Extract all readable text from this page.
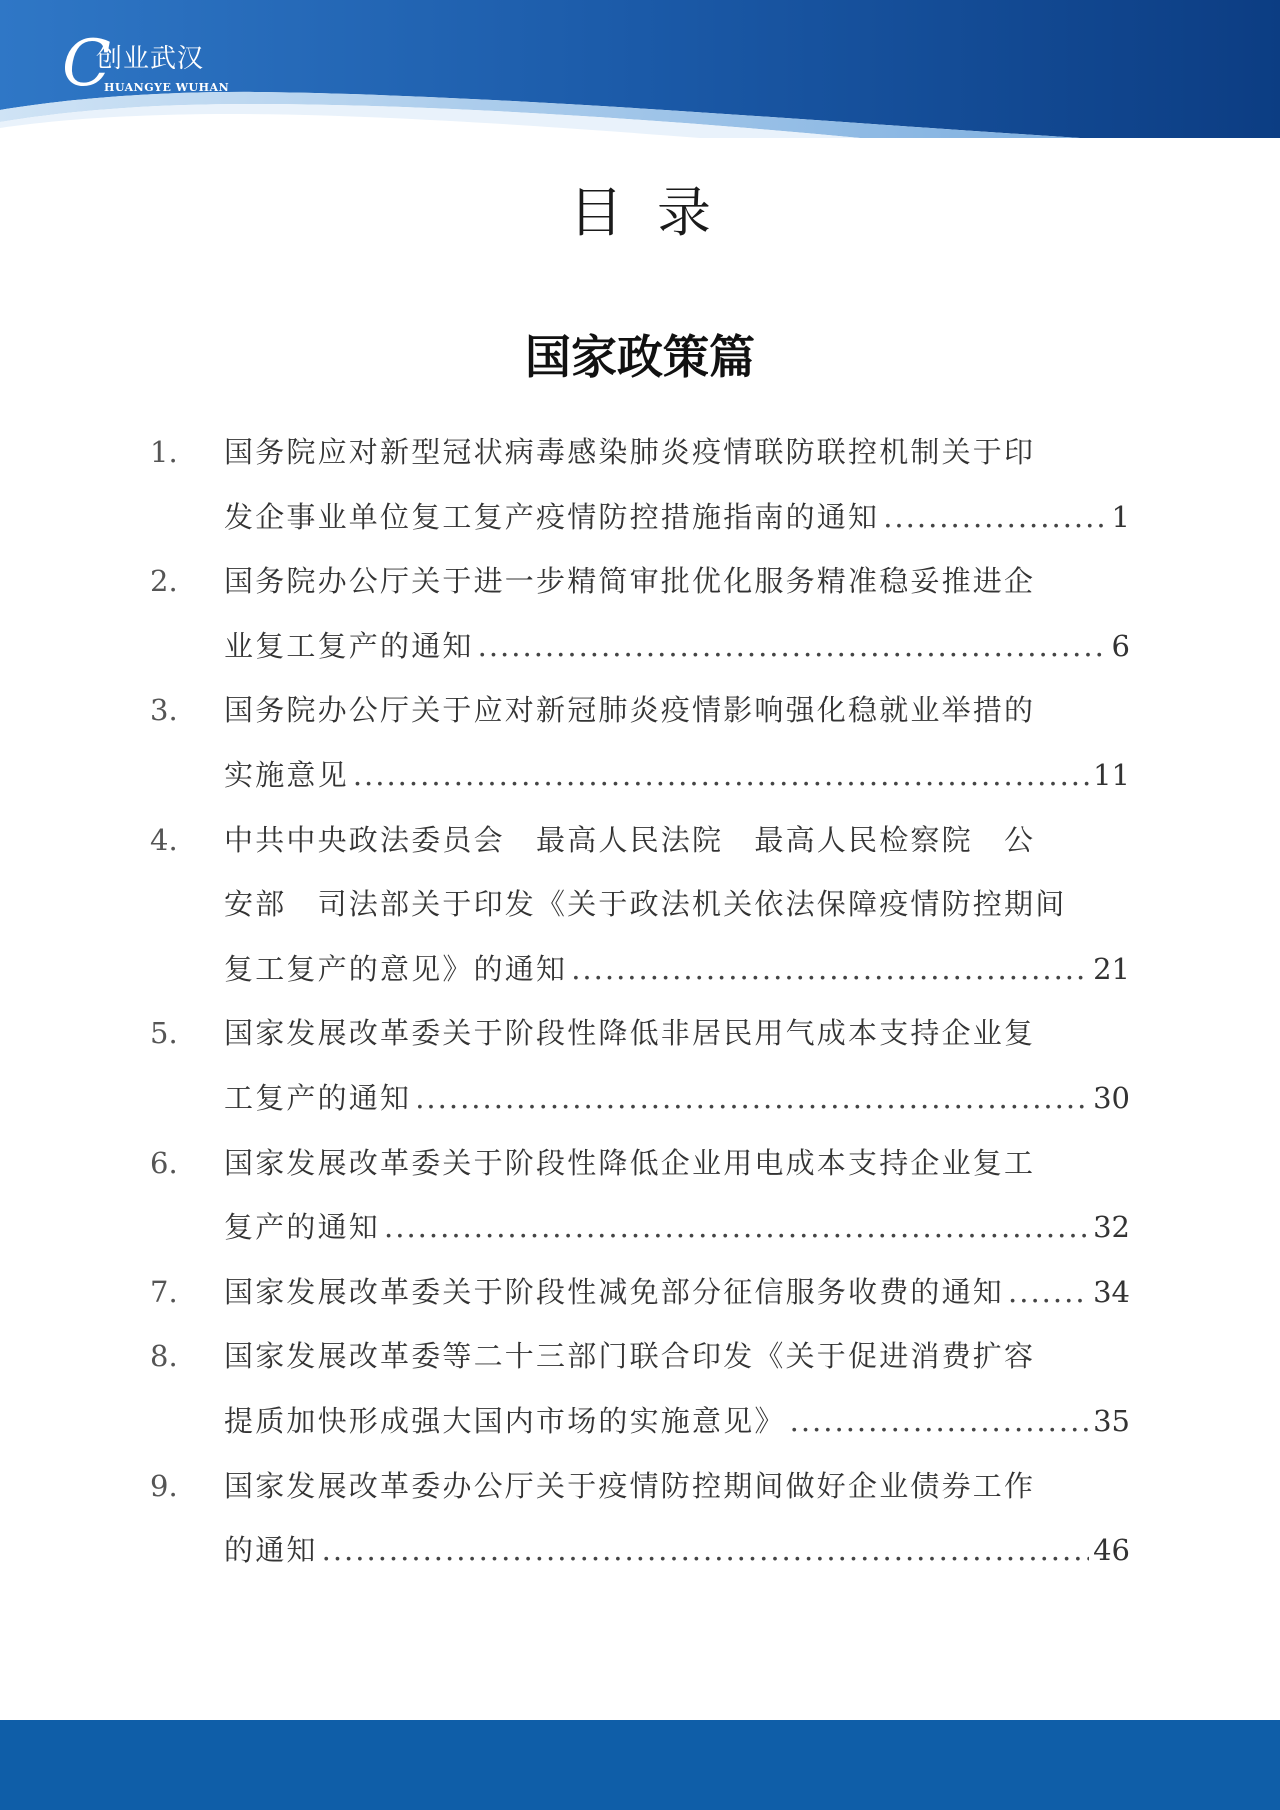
C
创业武汉
HUANGYE WUHAN
目录
国家政策篇
1.	国务院应对新型冠状病毒感染肺炎疫情联防联控机制关于印
发企事业单位复工复产疫情防控措施指南的通知 .....	1
2.	国务院办公厅关于进一步精简审批优化服务精准稳妥推进企
业复工复产的通知 .....	6
3.	国务院办公厅关于应对新冠肺炎疫情影响强化稳就业举措的
实施意见 .....	11
4.	中共中央政法委员会　最高人民法院　最高人民检察院　公
安部　司法部关于印发《关于政法机关依法保障疫情防控期间
复工复产的意见》的通知 .....	21
5.	国家发展改革委关于阶段性降低非居民用气成本支持企业复
工复产的通知 .....	30
6.	国家发展改革委关于阶段性降低企业用电成本支持企业复工
复产的通知 .....	32
7.	国家发展改革委关于阶段性减免部分征信服务收费的通知 .....	34
8.	国家发展改革委等二十三部门联合印发《关于促进消费扩容
提质加快形成强大国内市场的实施意见》 .....	35
9.	国家发展改革委办公厅关于疫情防控期间做好企业债券工作
的通知 .....	46
